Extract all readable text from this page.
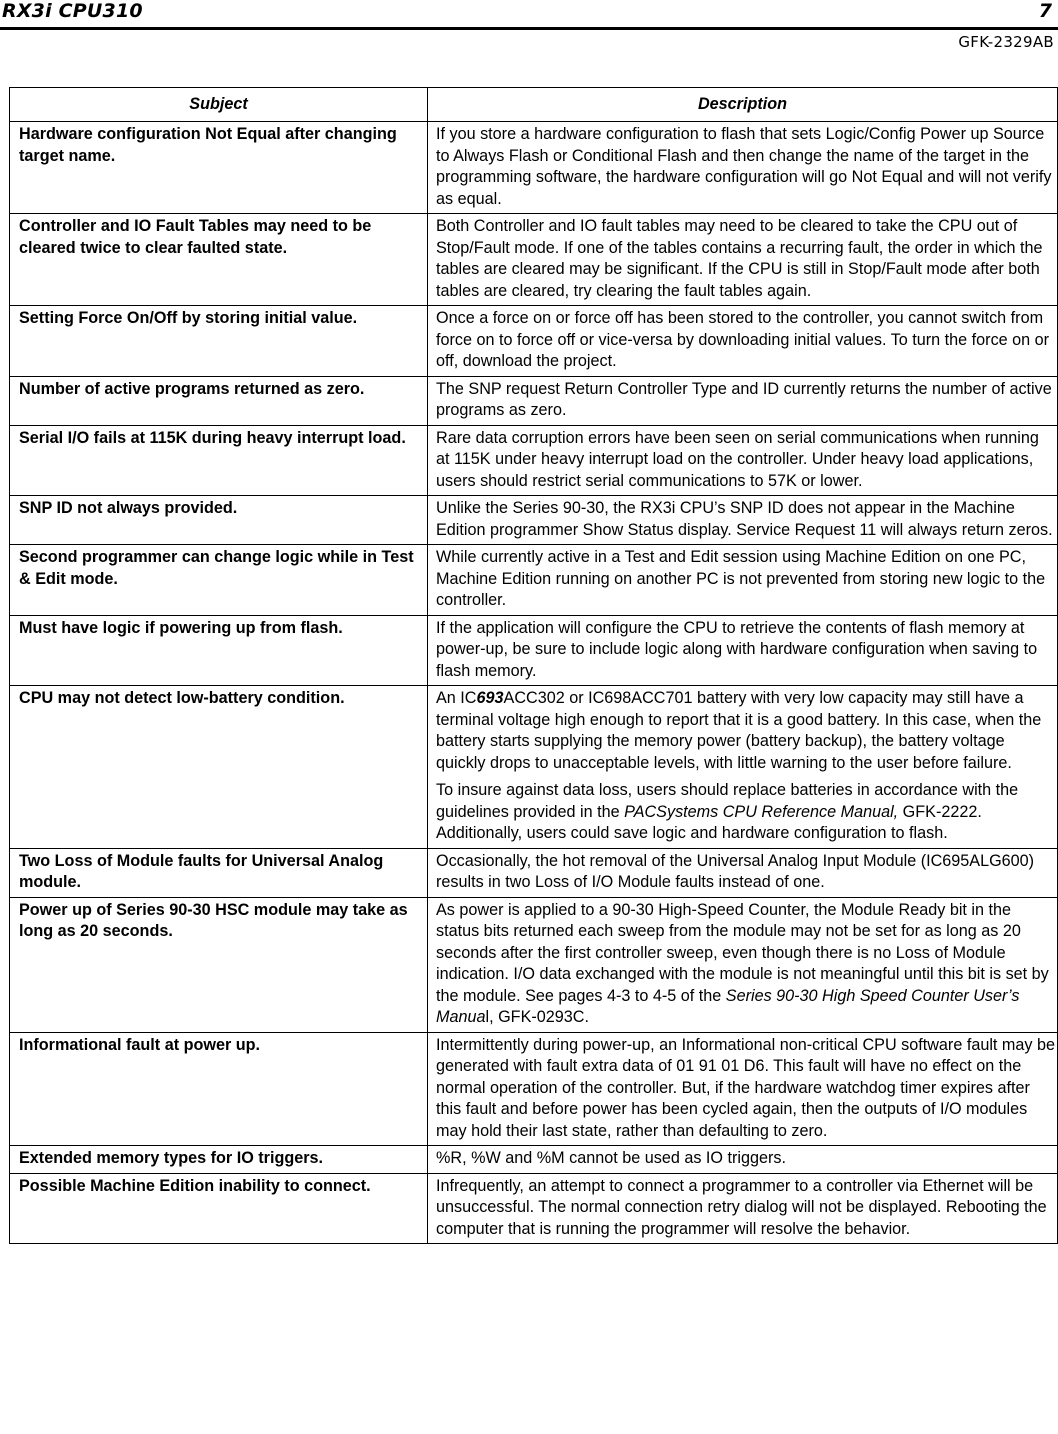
RX3i CPU310	7
GFK-2329AB
Subject	Description
Hardware configuration Not Equal after changing target name.	If you store a hardware configuration to flash that sets Logic/Config Power up Source to Always Flash or Conditional Flash and then change the name of the target in the programming software, the hardware configuration will go Not Equal and will not verify as equal.
Controller and IO Fault Tables may need to be cleared twice to clear faulted state.	Both Controller and IO fault tables may need to be cleared to take the CPU out of Stop/Fault mode. If one of the tables contains a recurring fault, the order in which the tables are cleared may be significant. If the CPU is still in Stop/Fault mode after both tables are cleared, try clearing the fault tables again.
Setting Force On/Off by storing initial value.	Once a force on or force off has been stored to the controller, you cannot switch from force on to force off or vice-versa by downloading initial values. To turn the force on or off, download the project.
Number of active programs returned as zero.	The SNP request Return Controller Type and ID currently returns the number of active programs as zero.
Serial I/O fails at 115K during heavy interrupt load.	Rare data corruption errors have been seen on serial communications when running at 115K under heavy interrupt load on the controller. Under heavy load applications, users should restrict serial communications to 57K or lower.
SNP ID not always provided.	Unlike the Series 90-30, the RX3i CPU’s SNP ID does not appear in the Machine Edition programmer Show Status display. Service Request 11 will always return zeros.
Second programmer can change logic while in Test & Edit mode.	While currently active in a Test and Edit session using Machine Edition on one PC, Machine Edition running on another PC is not prevented from storing new logic to the controller.
Must have logic if powering up from flash.	If the application will configure the CPU to retrieve the contents of flash memory at power-up, be sure to include logic along with hardware configuration when saving to flash memory.
CPU may not detect low-battery condition.	An IC693ACC302 or IC698ACC701 battery with very low capacity may still have a terminal voltage high enough to report that it is a good battery. In this case, when the battery starts supplying the memory power (battery backup), the battery voltage quickly drops to unacceptable levels, with little warning to the user before failure.

To insure against data loss, users should replace batteries in accordance with the guidelines provided in the PACSystems CPU Reference Manual, GFK-2222. Additionally, users could save logic and hardware configuration to flash.

Two Loss of Module faults for Universal Analog module.	Occasionally, the hot removal of the Universal Analog Input Module (IC695ALG600) results in two Loss of I/O Module faults instead of one.
Power up of Series 90-30 HSC module may take as long as 20 seconds.	As power is applied to a 90-30 High-Speed Counter, the Module Ready bit in the status bits returned each sweep from the module may not be set for as long as 20 seconds after the first controller sweep, even though there is no Loss of Module indication. I/O data exchanged with the module is not meaningful until this bit is set by the module. See pages 4-3 to 4-5 of the Series 90-30 High Speed Counter User’s Manual, GFK-0293C.
Informational fault at power up.	Intermittently during power-up, an Informational non-critical CPU software fault may be generated with fault extra data of 01 91 01 D6. This fault will have no effect on the normal operation of the controller. But, if the hardware watchdog timer expires after this fault and before power has been cycled again, then the outputs of I/O modules may hold their last state, rather than defaulting to zero.
Extended memory types for IO triggers.	%R, %W and %M cannot be used as IO triggers.
Possible Machine Edition inability to connect.	Infrequently, an attempt to connect a programmer to a controller via Ethernet will be unsuccessful. The normal connection retry dialog will not be displayed. Rebooting the computer that is running the programmer will resolve the behavior.
